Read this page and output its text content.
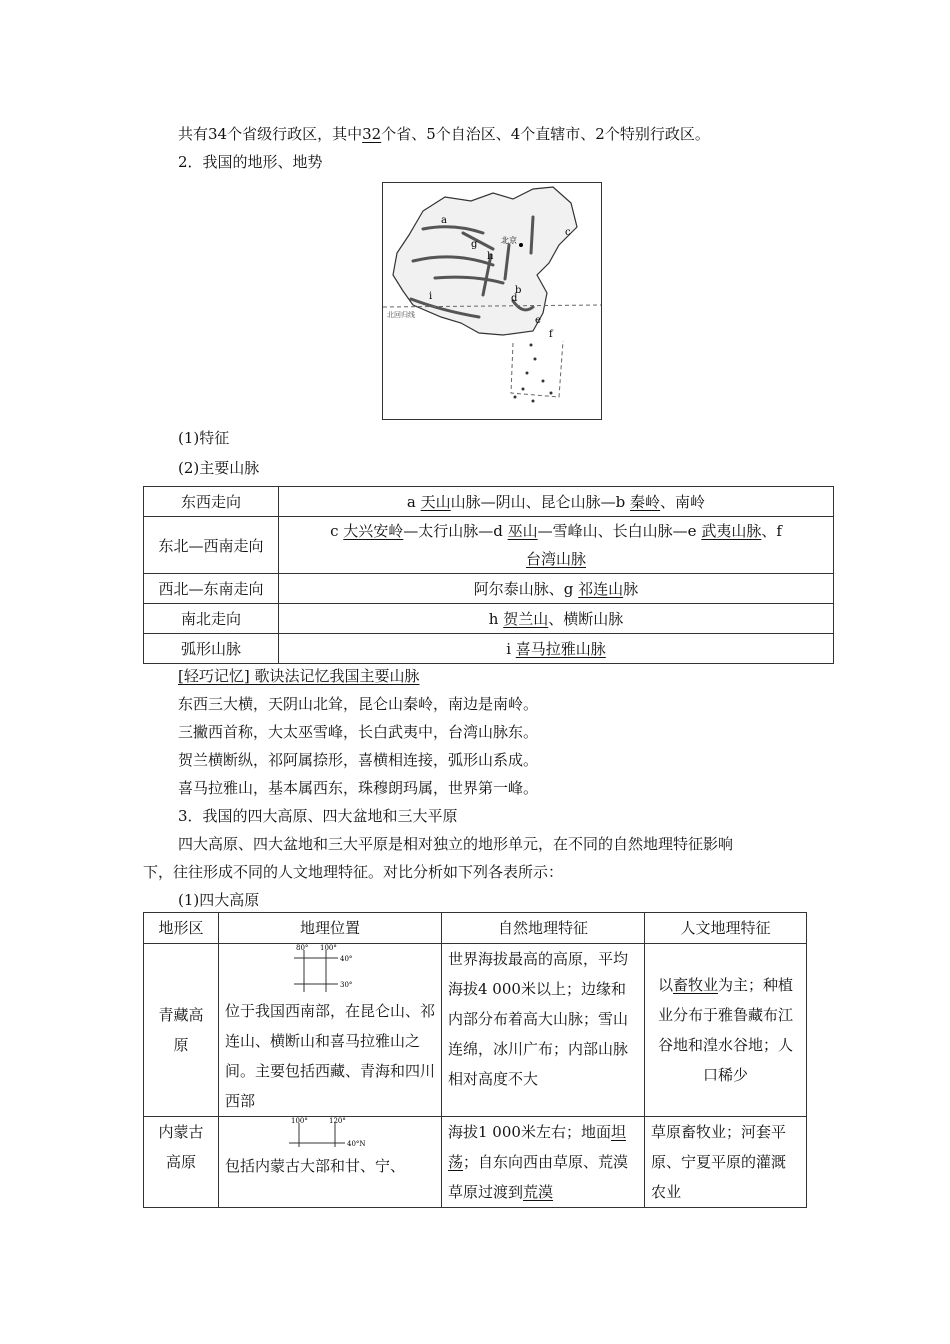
共有34个省级行政区，其中32个省、5个自治区、4个直辖市、2个特别行政区。
2．我国的地形、地势
北回归线
北京
a
b
c
d
e
f
g
h
i
(1)特征
(2)主要山脉
东西走向	a 天山山脉—阴山、昆仑山脉—b 秦岭、南岭
东北—西南走向	c 大兴安岭—太行山脉—d 巫山—雪峰山、长白山脉—e 武夷山脉、f
台湾山脉
西北—东南走向	阿尔泰山脉、g 祁连山脉
南北走向	h 贺兰山、横断山脉
弧形山脉	i 喜马拉雅山脉
[轻巧记忆] 歌诀法记忆我国主要山脉
东西三大横，天阴山北耸，昆仑山秦岭，南边是南岭。
三撇西首称，大太巫雪峰，长白武夷中，台湾山脉东。
贺兰横断纵，祁阿属捺形，喜横相连接，弧形山系成。
喜马拉雅山，基本属西东，珠穆朗玛属，世界第一峰。
3．我国的四大高原、四大盆地和三大平原
四大高原、四大盆地和三大平原是相对独立的地形单元，在不同的自然地理特征影响
下，往往形成不同的人文地理特征。对比分析如下列各表所示：
(1)四大高原
地形区	地理位置	自然地理特征	人文地理特征
青藏高
原	80° 100°
40°
30°
位于我国西南部，在昆仑山、祁连山、横断山和喜马拉雅山之间。主要包括西藏、青海和四川西部	世界海拔最高的高原，平均海拔4 000米以上；边缘和内部分布着高大山脉；雪山连绵，冰川广布；内部山脉相对高度不大	以畜牧业为主；种植业分布于雅鲁藏布江谷地和湟水谷地；人口稀少
内蒙古
高原	100° 120°
40°N
包括内蒙古大部和甘、宁、	海拔1 000米左右；地面坦荡；自东向西由草原、荒漠草原过渡到荒漠	草原畜牧业；河套平原、宁夏平原的灌溉农业
